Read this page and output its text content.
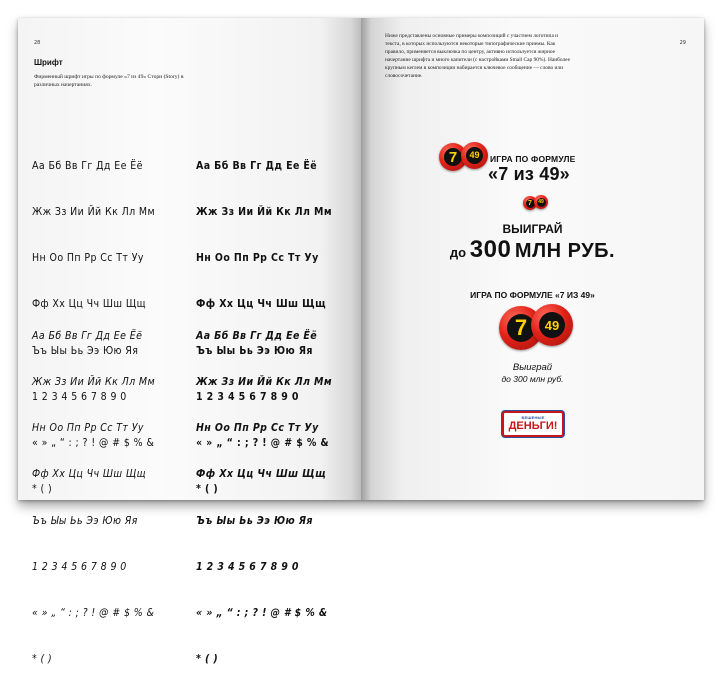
28
Шрифт
Фирменный шрифт игры по формуле «7 из 49» Стори (Story) в различных начертаниях.

Аа Бб Вв Гг Дд Ее Ёё

Жж Зз Ии Йй Кк Лл Мм

Нн Оо Пп Рр Сс Тт Уу

Фф Хх Цц Чч Шш Щщ

Ъъ Ыы Ьь Ээ Юю Яя

1 2 3 4 5 6 7 8 9 0

« » „ “ : ; ? ! @ # $ % &

* ( )

Аа Бб Вв Гг Дд Ее Ёё

Жж Зз Ии Йй Кк Лл Мм

Нн Оо Пп Рр Сс Тт Уу

Фф Хх Цц Чч Шш Щщ

Ъъ Ыы Ьь Ээ Юю Яя

1 2 3 4 5 6 7 8 9 0

« » „ “ : ; ? ! @ # $ % &

* ( )

Аа Бб Вв Гг Дд Ее Ёё

Жж Зз Ии Йй Кк Лл Мм

Нн Оо Пп Рр Сс Тт Уу

Фф Хх Цц Чч Шш Щщ

Ъъ Ыы Ьь Ээ Юю Яя

1 2 3 4 5 6 7 8 9 0

« » „ “ : ; ? ! @ # $ % &

* ( )

Аа Бб Вв Гг Дд Ее Ёё

Жж Зз Ии Йй Кк Лл Мм

Нн Оо Пп Рр Сс Тт Уу

Фф Хх Цц Чч Шш Щщ

Ъъ Ыы Ьь Ээ Юю Яя

1 2 3 4 5 6 7 8 9 0

« » „ “ : ; ? ! @ # $ % &

* ( )

29
Ниже представлены основные примеры композиций с участием логотипа и текста, в которых используются некоторые типографические приемы. Как правило, применяется выключка по центру, активно используется жирное начертание шрифта и много капители (с настройками Small Cap 90%). Наиболее крупным кеглем в композиции набирается ключевое сообщение — слово или словосочетание.
7 49 ИГРА ПО ФОРМУЛЕ
«7 из 49»
7 49
ВЫИГРАЙ
до 300 МЛН РУБ.
ИГРА ПО ФОРМУЛЕ «7 ИЗ 49»
7 49
Выиграй
до 300 млн руб.
БЕШЕНЫЕ
ДЕНЬГИ!
